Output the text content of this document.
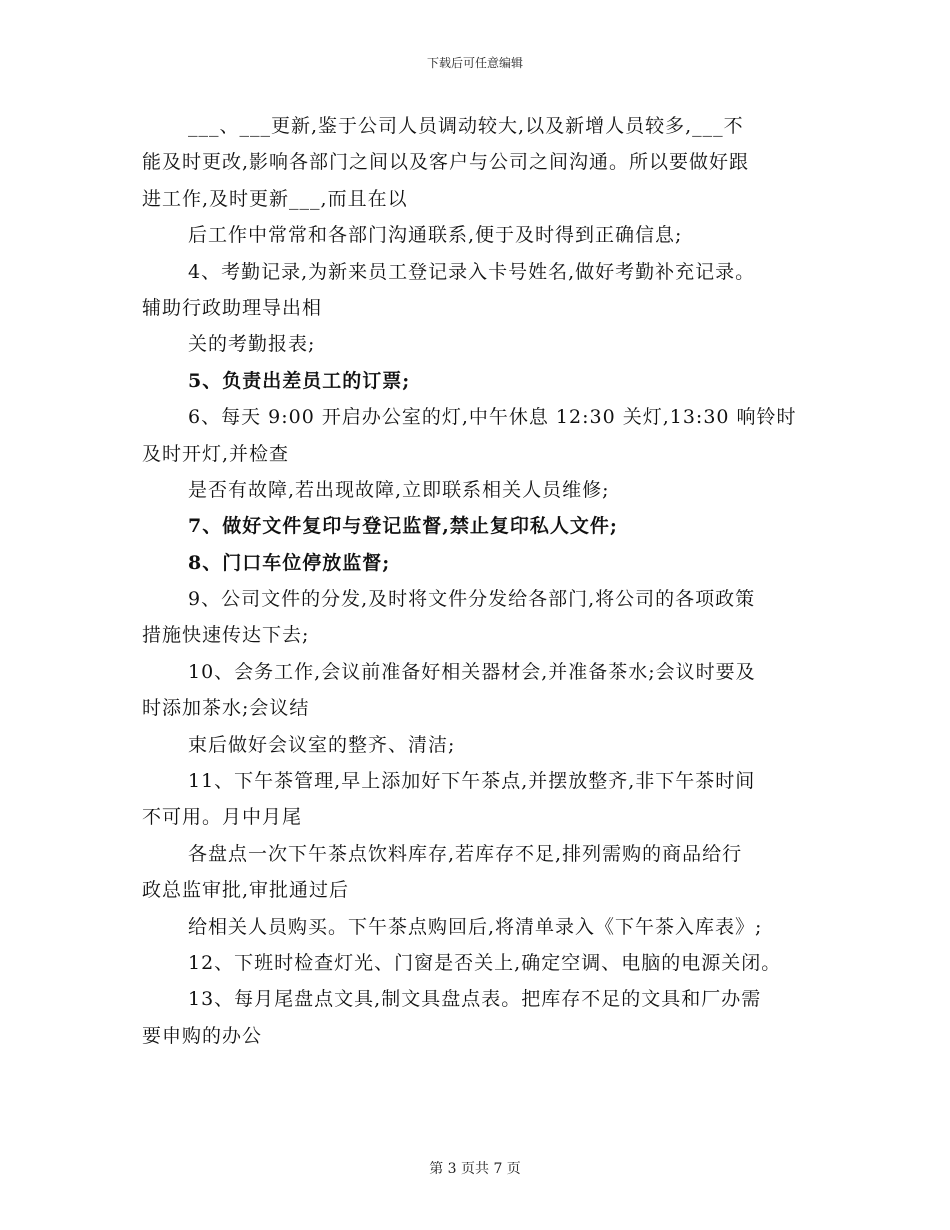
下载后可任意编辑
___、___更新,鉴于公司人员调动较大,以及新增人员较多,___不
能及时更改,影响各部门之间以及客户与公司之间沟通。所以要做好跟
进工作,及时更新___,而且在以
后工作中常常和各部门沟通联系,便于及时得到正确信息;
4、考勤记录,为新来员工登记录入卡号姓名,做好考勤补充记录。
辅助行政助理导出相
关的考勤报表;
5、负责出差员工的订票;
6、每天 9:00 开启办公室的灯,中午休息 12:30 关灯,13:30 响铃时
及时开灯,并检查
是否有故障,若出现故障,立即联系相关人员维修;
7、做好文件复印与登记监督,禁止复印私人文件;
8、门口车位停放监督;
9、公司文件的分发,及时将文件分发给各部门,将公司的各项政策
措施快速传达下去;
10、会务工作,会议前准备好相关器材会,并准备茶水;会议时要及
时添加茶水;会议结
束后做好会议室的整齐、清洁;
11、下午茶管理,早上添加好下午茶点,并摆放整齐,非下午茶时间
不可用。月中月尾
各盘点一次下午茶点饮料库存,若库存不足,排列需购的商品给行
政总监审批,审批通过后
给相关人员购买。下午茶点购回后,将清单录入《下午茶入库表》;
12、下班时检查灯光、门窗是否关上,确定空调、电脑的电源关闭。
13、每月尾盘点文具,制文具盘点表。把库存不足的文具和厂办需
要申购的办公
第 3 页共 7 页
